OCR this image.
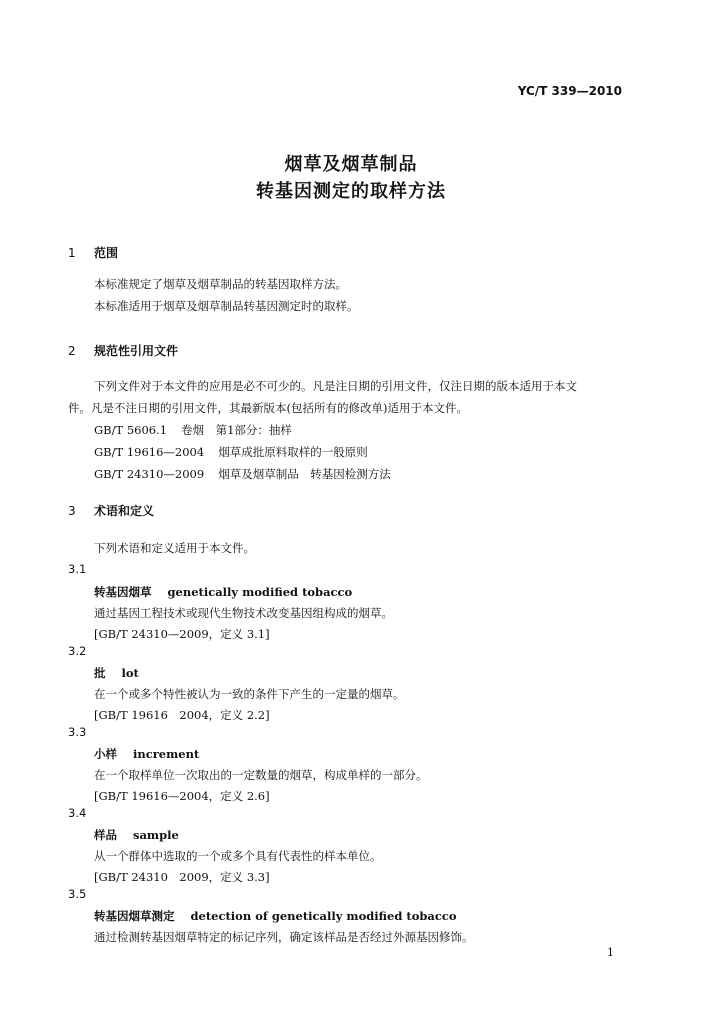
YC/T 339—2010
烟草及烟草制品
转基因测定的取样方法
1 范围
本标准规定了烟草及烟草制品的转基因取样方法。
本标准适用于烟草及烟草制品转基因测定时的取样。
2 规范性引用文件
下列文件对于本文件的应用是必不可少的。凡是注日期的引用文件，仅注日期的版本适用于本文
件。凡是不注日期的引用文件，其最新版本(包括所有的修改单)适用于本文件。
GB/T 5606.1 卷烟　第1部分：抽样
GB/T 19616—2004 烟草成批原料取样的一般原则
GB/T 24310—2009 烟草及烟草制品　转基因检测方法
3 术语和定义
下列术语和定义适用于本文件。
3.1
转基因烟草 genetically modified tobacco
通过基因工程技术或现代生物技术改变基因组构成的烟草。
[GB/T 24310—2009，定义 3.1]
3.2
批 lot
在一个或多个特性被认为一致的条件下产生的一定量的烟草。
[GB/T 19616　2004，定义 2.2]
3.3
小样 increment
在一个取样单位一次取出的一定数量的烟草，构成单样的一部分。
[GB/T 19616—2004，定义 2.6]
3.4
样品 sample
从一个群体中选取的一个或多个具有代表性的样本单位。
[GB/T 24310　2009，定义 3.3]
3.5
转基因烟草测定 detection of genetically modified tobacco
通过检测转基因烟草特定的标记序列，确定该样品是否经过外源基因修饰。
1
